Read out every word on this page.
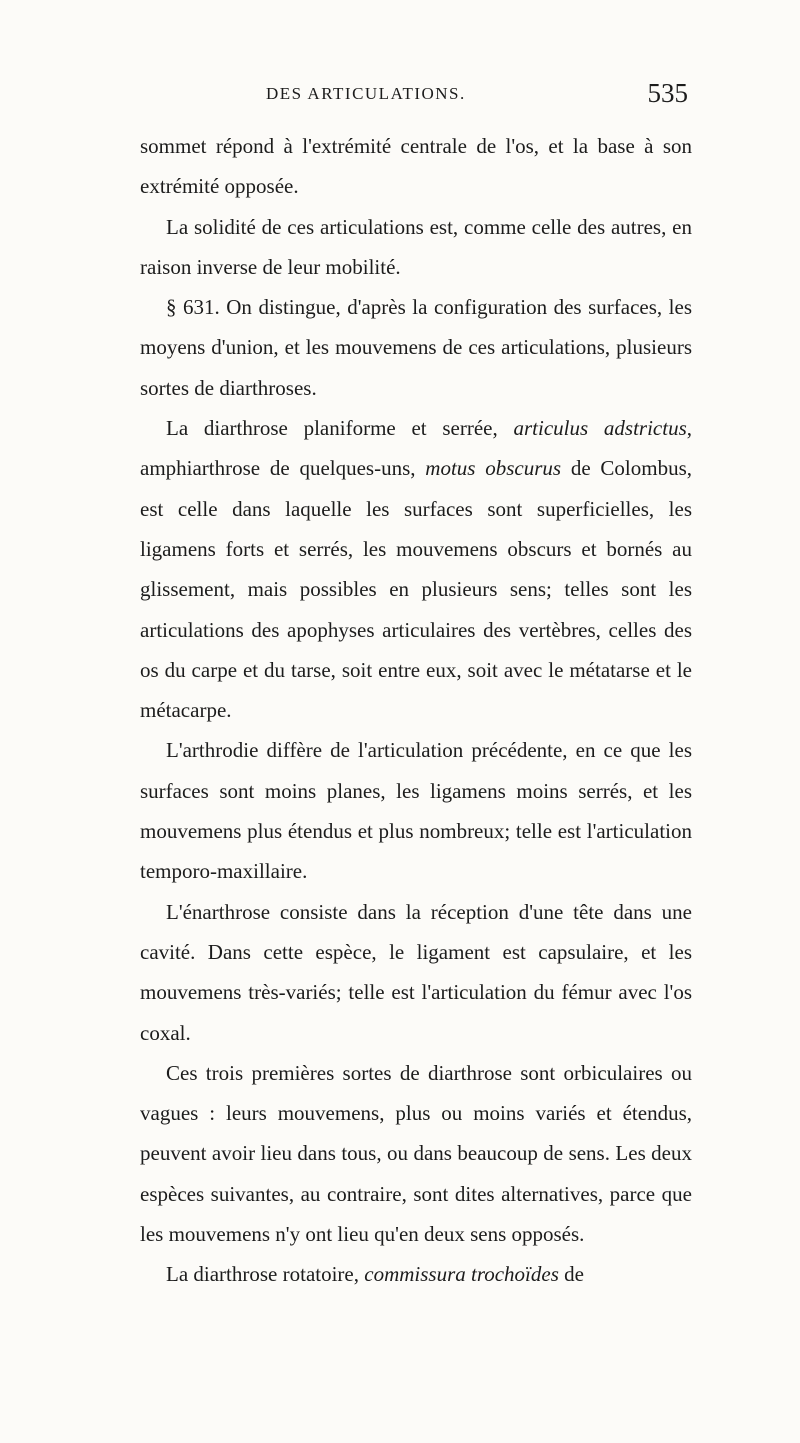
DES ARTICULATIONS.	535

sommet répond à l'extrémité centrale de l'os, et la base à son extrémité opposée.

La solidité de ces articulations est, comme celle des autres, en raison inverse de leur mobilité.

§ 631. On distingue, d'après la configuration des surfaces, les moyens d'union, et les mouvemens de ces articulations, plusieurs sortes de diarthroses.

La diarthrose planiforme et serrée, articulus adstrictus, amphiarthrose de quelques-uns, motus obscurus de Colombus, est celle dans laquelle les surfaces sont superficielles, les ligamens forts et serrés, les mouvemens obscurs et bornés au glissement, mais possibles en plusieurs sens; telles sont les articulations des apophyses articulaires des vertèbres, celles des os du carpe et du tarse, soit entre eux, soit avec le métatarse et le métacarpe.

L'arthrodie diffère de l'articulation précédente, en ce que les surfaces sont moins planes, les ligamens moins serrés, et les mouvemens plus étendus et plus nombreux; telle est l'articulation temporo-maxillaire.

L'énarthrose consiste dans la réception d'une tête dans une cavité. Dans cette espèce, le ligament est capsulaire, et les mouvemens très-variés; telle est l'articulation du fémur avec l'os coxal.

Ces trois premières sortes de diarthrose sont orbiculaires ou vagues : leurs mouvemens, plus ou moins variés et étendus, peuvent avoir lieu dans tous, ou dans beaucoup de sens. Les deux espèces suivantes, au contraire, sont dites alternatives, parce que les mouvemens n'y ont lieu qu'en deux sens opposés.

La diarthrose rotatoire, commissura trochoïdes de
